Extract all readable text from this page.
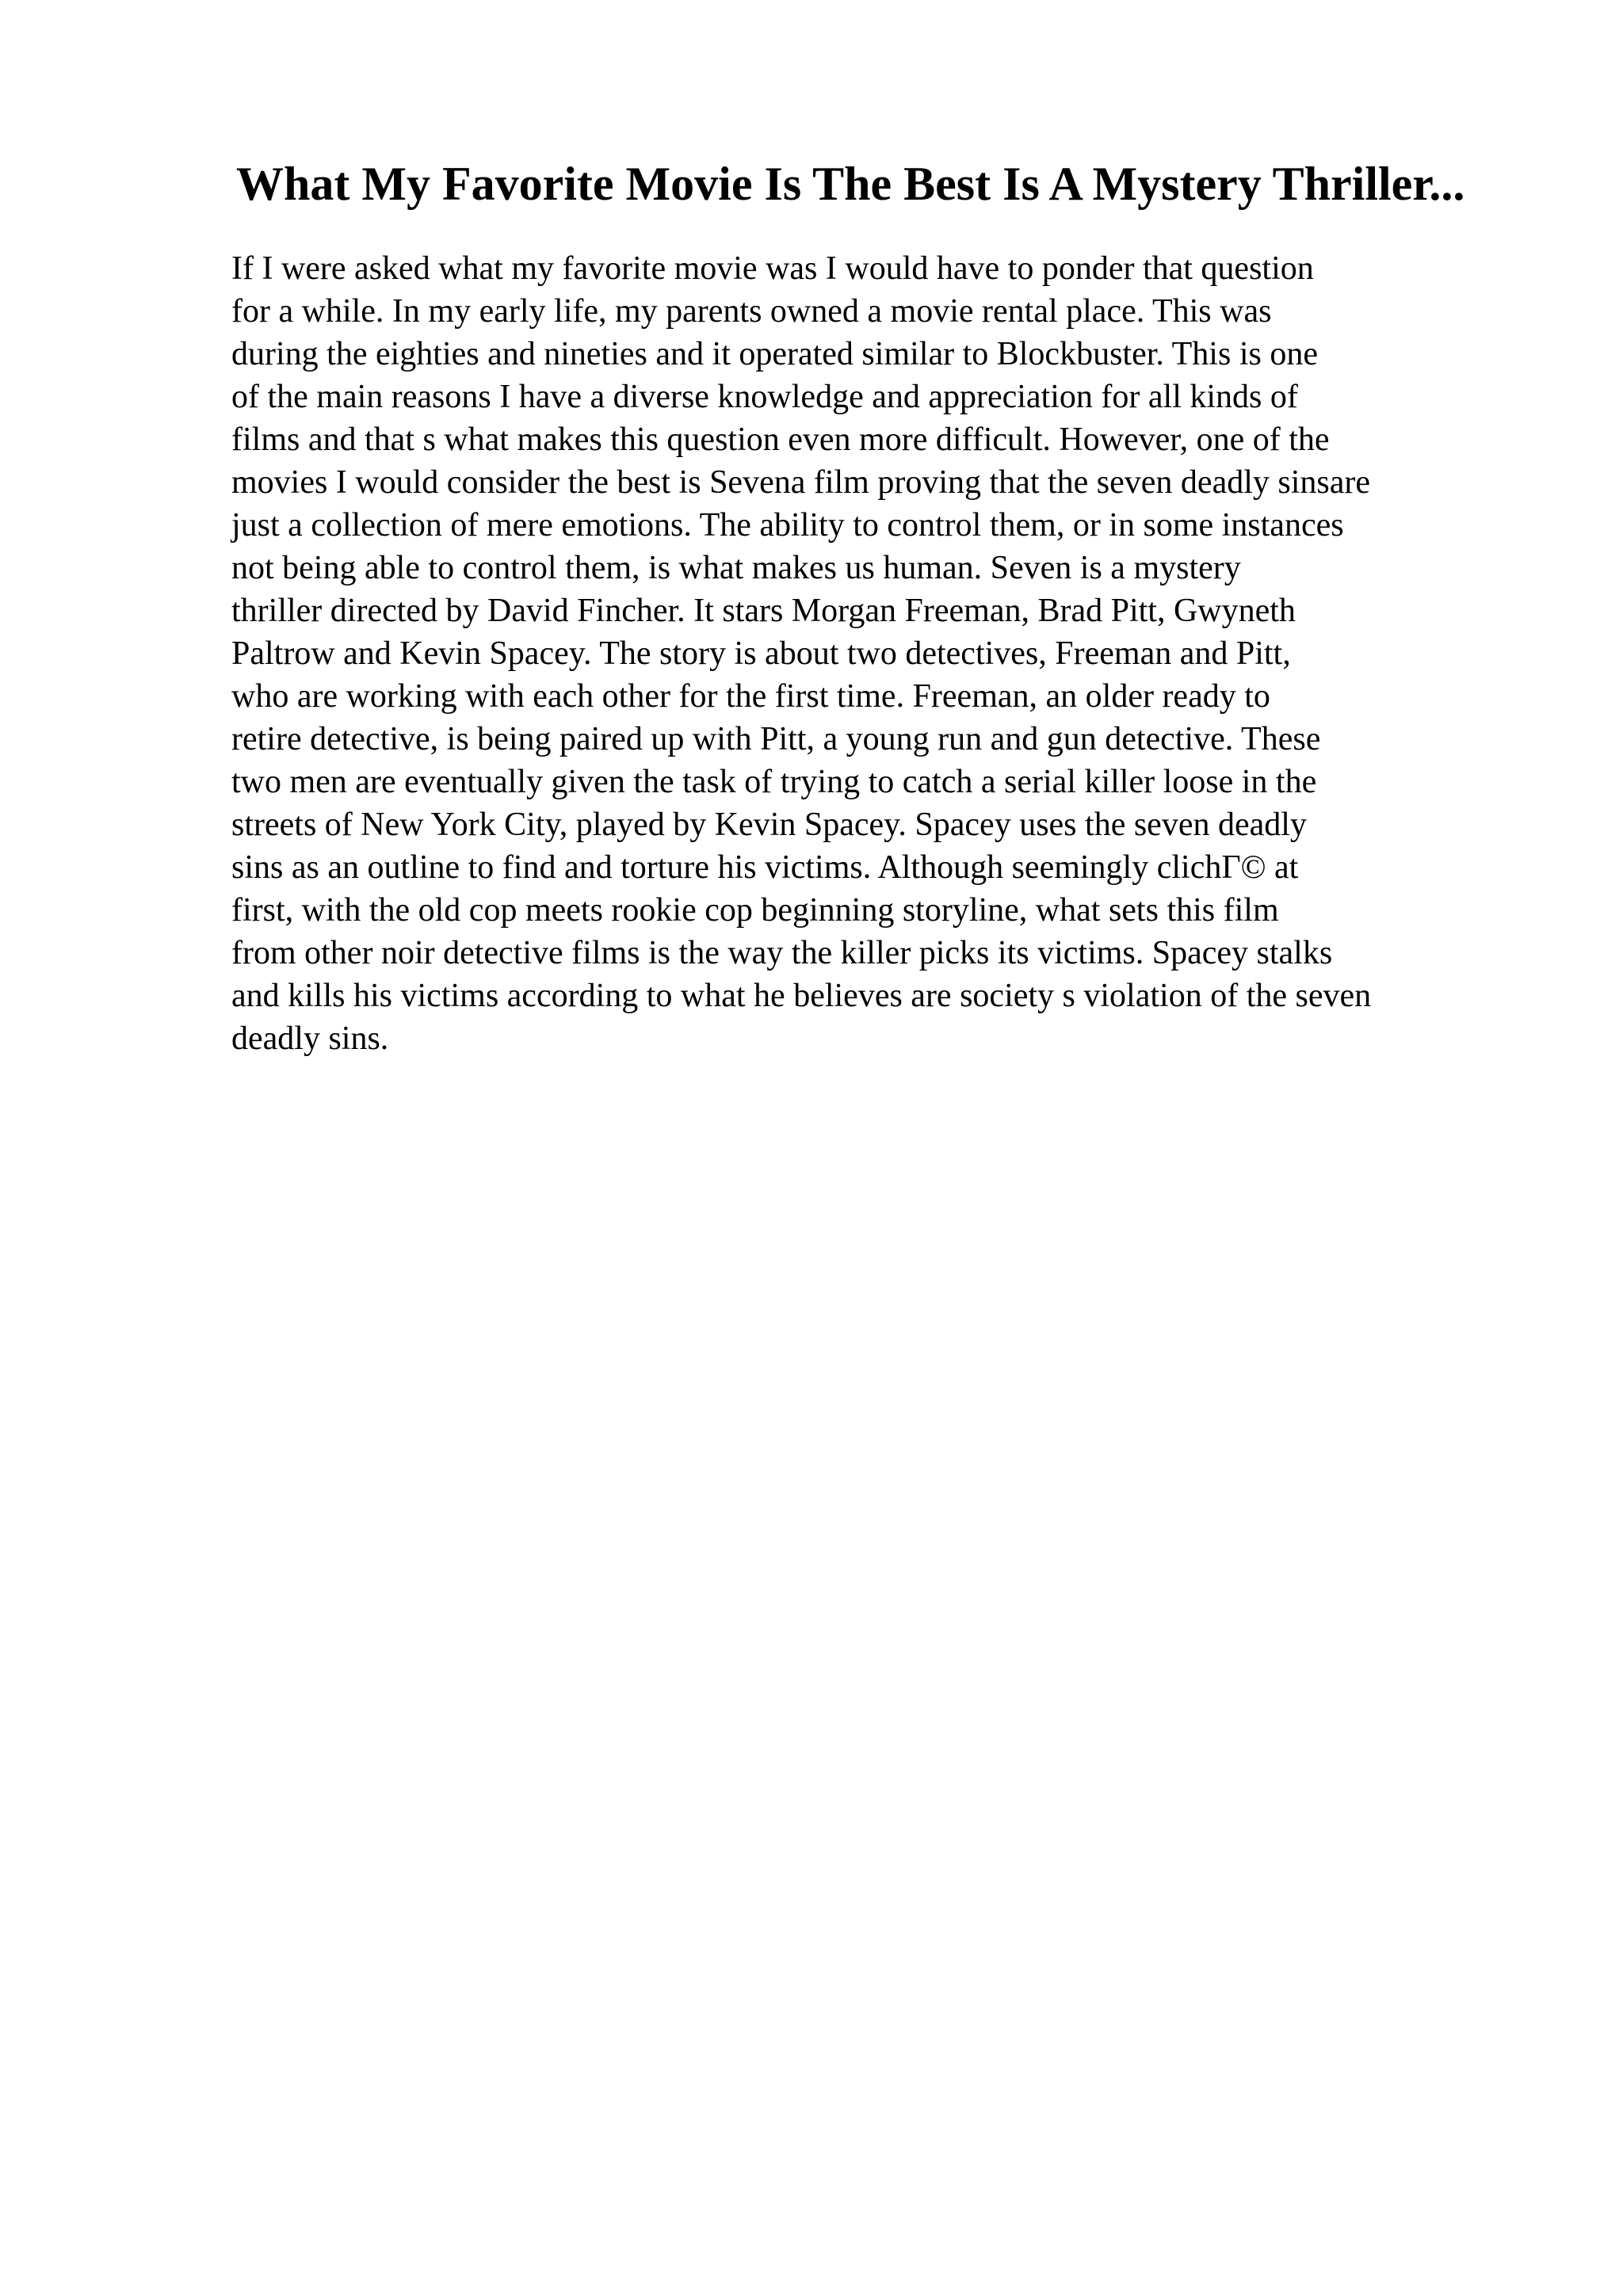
What My Favorite Movie Is The Best Is A Mystery Thriller...
If I were asked what my favorite movie was I would have to ponder that question
for a while. In my early life, my parents owned a movie rental place. This was
during the eighties and nineties and it operated similar to Blockbuster. This is one
of the main reasons I have a diverse knowledge and appreciation for all kinds of
films and that s what makes this question even more difficult. However, one of the
movies I would consider the best is Sevena film proving that the seven deadly sinsare
just a collection of mere emotions. The ability to control them, or in some instances
not being able to control them, is what makes us human. Seven is a mystery
thriller directed by David Fincher. It stars Morgan Freeman, Brad Pitt, Gwyneth
Paltrow and Kevin Spacey. The story is about two detectives, Freeman and Pitt,
who are working with each other for the first time. Freeman, an older ready to
retire detective, is being paired up with Pitt, a young run and gun detective. These
two men are eventually given the task of trying to catch a serial killer loose in the
streets of New York City, played by Kevin Spacey. Spacey uses the seven deadly
sins as an outline to find and torture his victims. Although seemingly clichГ© at
first, with the old cop meets rookie cop beginning storyline, what sets this film
from other noir detective films is the way the killer picks its victims. Spacey stalks
and kills his victims according to what he believes are society s violation of the seven
deadly sins.
